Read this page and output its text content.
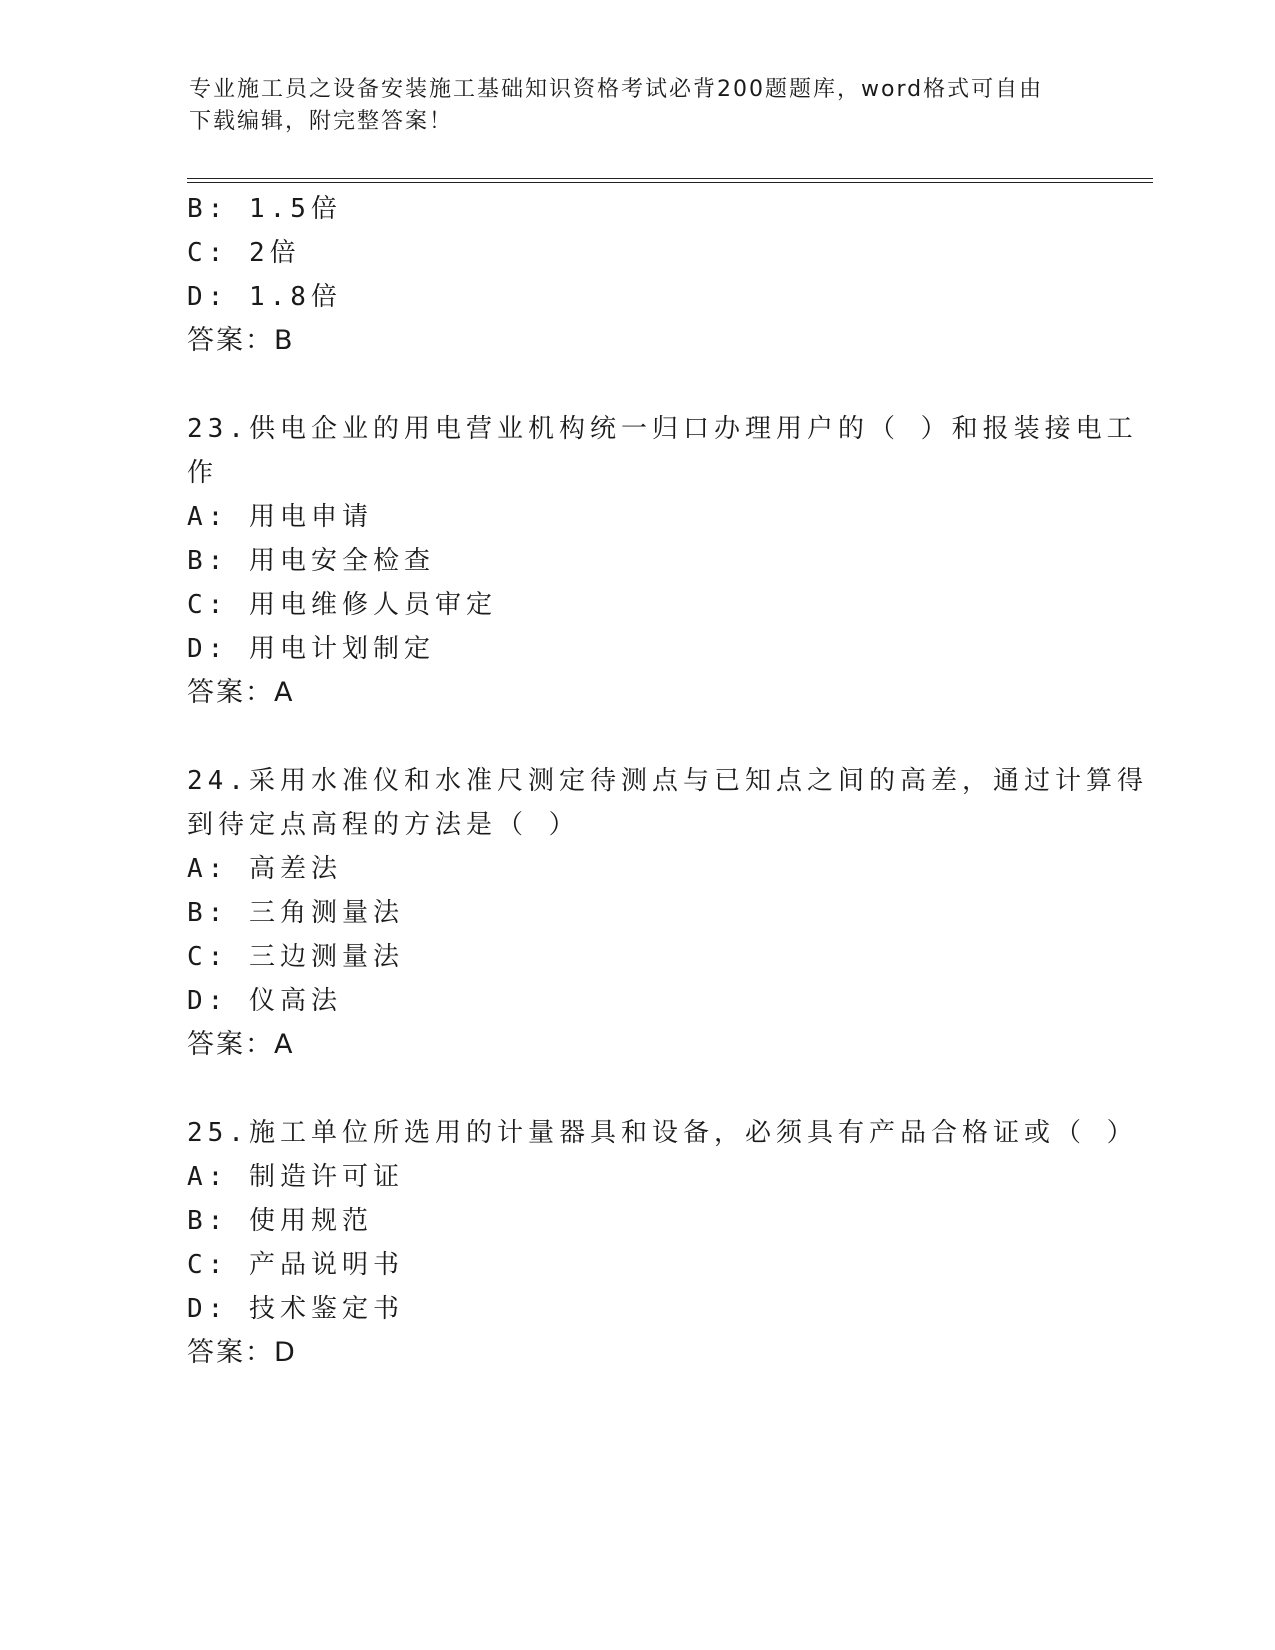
专业施工员之设备安装施工基础知识资格考试必背200题题库，word格式可自由
下载编辑，附完整答案！
B: 1.5倍
C: 2倍
D: 1.8倍
答案：B
23.供电企业的用电营业机构统一归口办理用户的（ ）和报装接电工
作
A: 用电申请
B: 用电安全检查
C: 用电维修人员审定
D: 用电计划制定
答案：A
24.采用水准仪和水准尺测定待测点与已知点之间的高差，通过计算得
到待定点高程的方法是（ ）
A: 高差法
B: 三角测量法
C: 三边测量法
D: 仪高法
答案：A
25.施工单位所选用的计量器具和设备，必须具有产品合格证或（ ）
A: 制造许可证
B: 使用规范
C: 产品说明书
D: 技术鉴定书
答案：D
